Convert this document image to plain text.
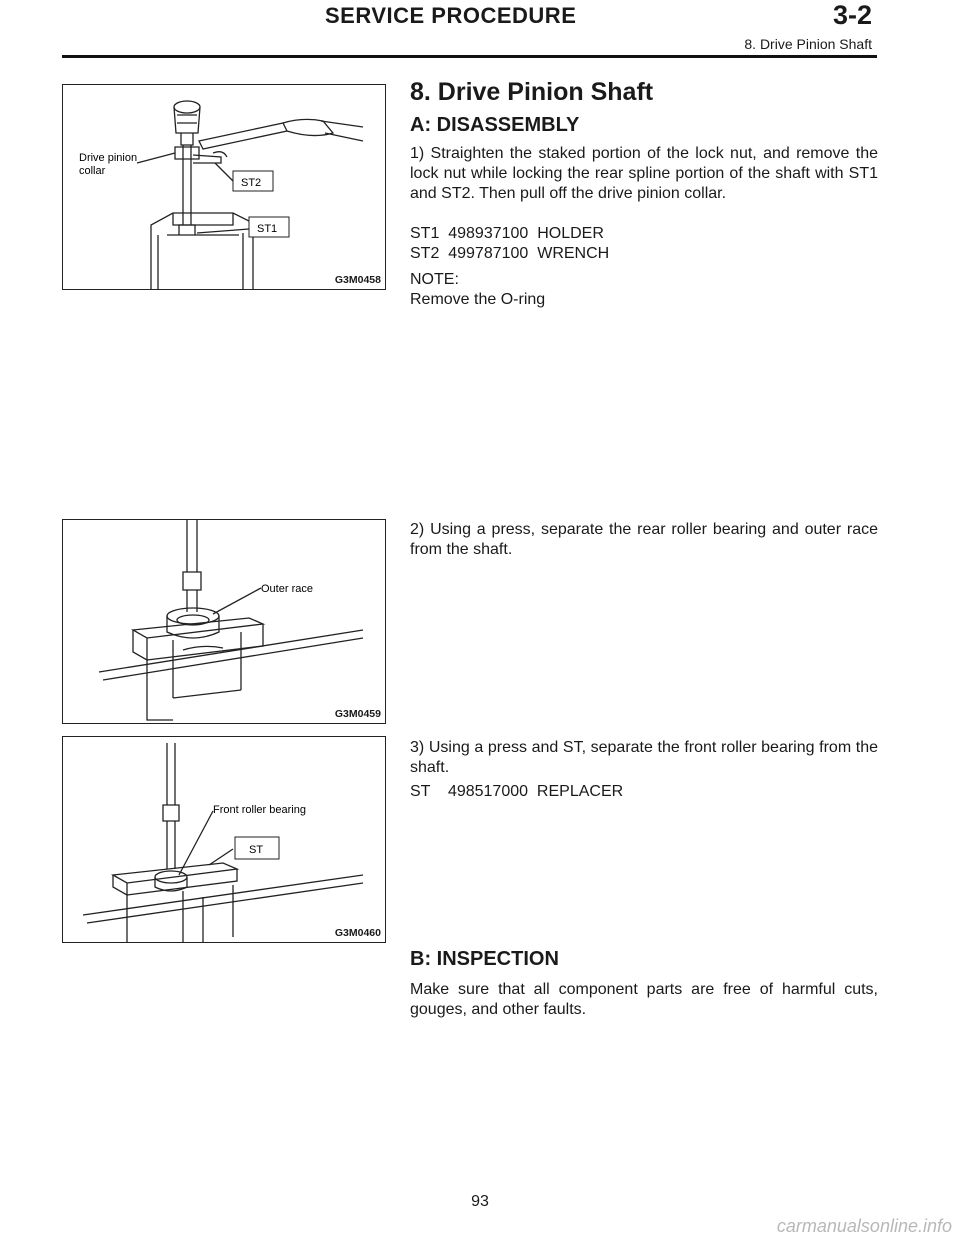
SERVICE PROCEDURE	3-2
8. Drive Pinion Shaft
Drive pinion
collar
ST2
ST1
G3M0458
Outer race
G3M0459
Front roller bearing
ST
G3M0460

8. Drive Pinion Shaft

A: DISASSEMBLY

1) Straighten the staked portion of the lock nut, and remove the lock nut while locking the rear spline portion of the shaft with ST1 and ST2. Then pull off the drive pinion collar.

ST1  498937100  HOLDER

ST2  499787100  WRENCH

NOTE:

Remove the O-ring

2) Using a press, separate the rear roller bearing and outer race from the shaft.

3) Using a press and ST, separate the front roller bearing from the shaft.

ST    498517000  REPLACER

B: INSPECTION

Make sure that all component parts are free of harmful cuts, gouges, and other faults.

93
carmanualsonline.info
